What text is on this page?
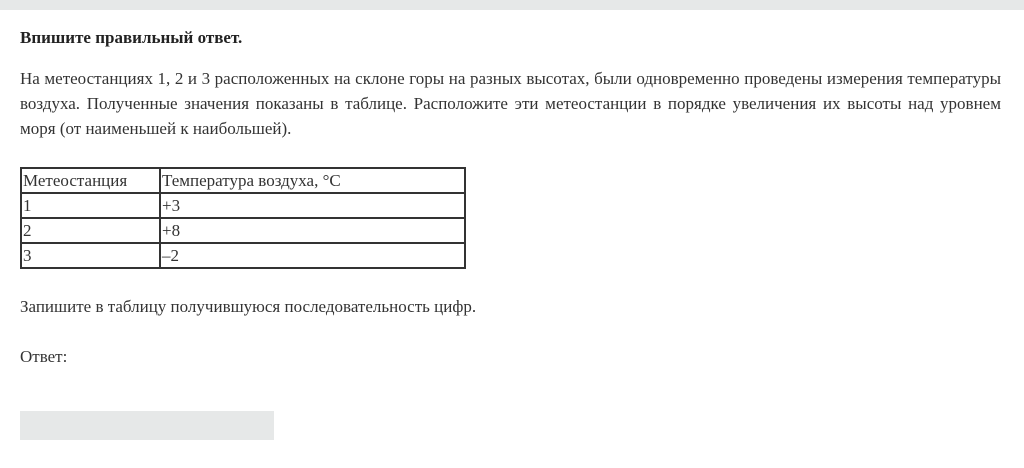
Впишите правильный ответ.

На метеостанциях 1, 2 и 3 расположенных на склоне горы на разных высотах, были одновременно проведены измерения температуры воздуха. Полученные значения показаны в таблице. Расположите эти метеостанции в порядке увеличения их высоты над уровнем моря (от наименьшей к наибольшей).

Метеостанция	Температура воздуха, °С
1	+3
2	+8
3	–2

Запишите в таблицу получившуюся последовательность цифр.

Ответ:
